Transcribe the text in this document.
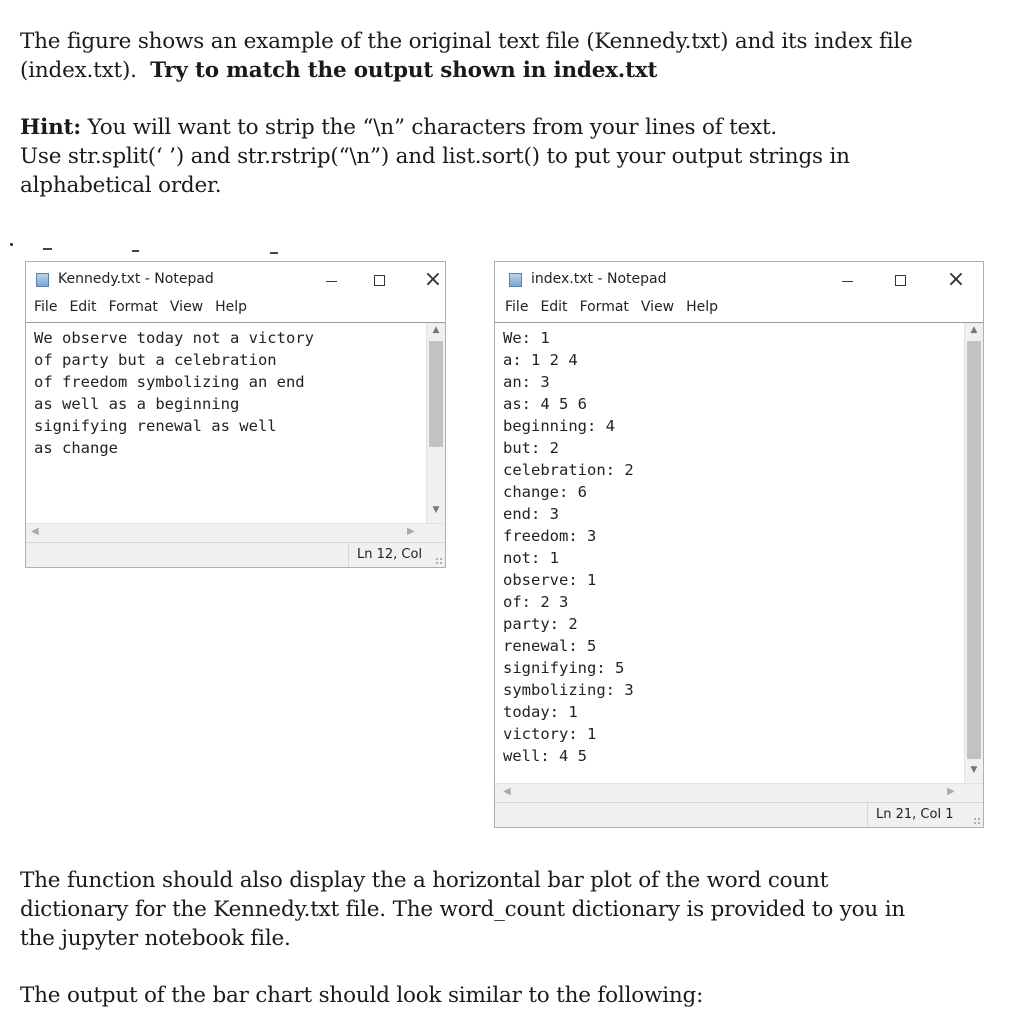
The figure shows an example of the original text file (Kennedy.txt) and its index file
(index.txt).  Try to match the output shown in index.txt
Hint: You will want to strip the “\n” characters from your lines of text.
Use str.split(‘ ’) and str.rstrip(“\n”) and list.sort() to put your output strings in
alphabetical order.
Kennedy.txt - Notepad	×
File Edit Format View Help
We observe today not a victory
of party but a celebration
of freedom symbolizing an end
as well as a beginning
signifying renewal as well
as change
▲
▼
◀	▶
Ln 12, Col
index.txt - Notepad	×
File Edit Format View Help
We: 1
a: 1 2 4
an: 3
as: 4 5 6
beginning: 4
but: 2
celebration: 2
change: 6
end: 3
freedom: 3
not: 1
observe: 1
of: 2 3
party: 2
renewal: 5
signifying: 5
symbolizing: 3
today: 1
victory: 1
well: 4 5
▲
▼
◀	▶
Ln 21, Col 1
The function should also display the a horizontal bar plot of the word count
dictionary for the Kennedy.txt file. The word_count dictionary is provided to you in
the jupyter notebook file.
The output of the bar chart should look similar to the following:
